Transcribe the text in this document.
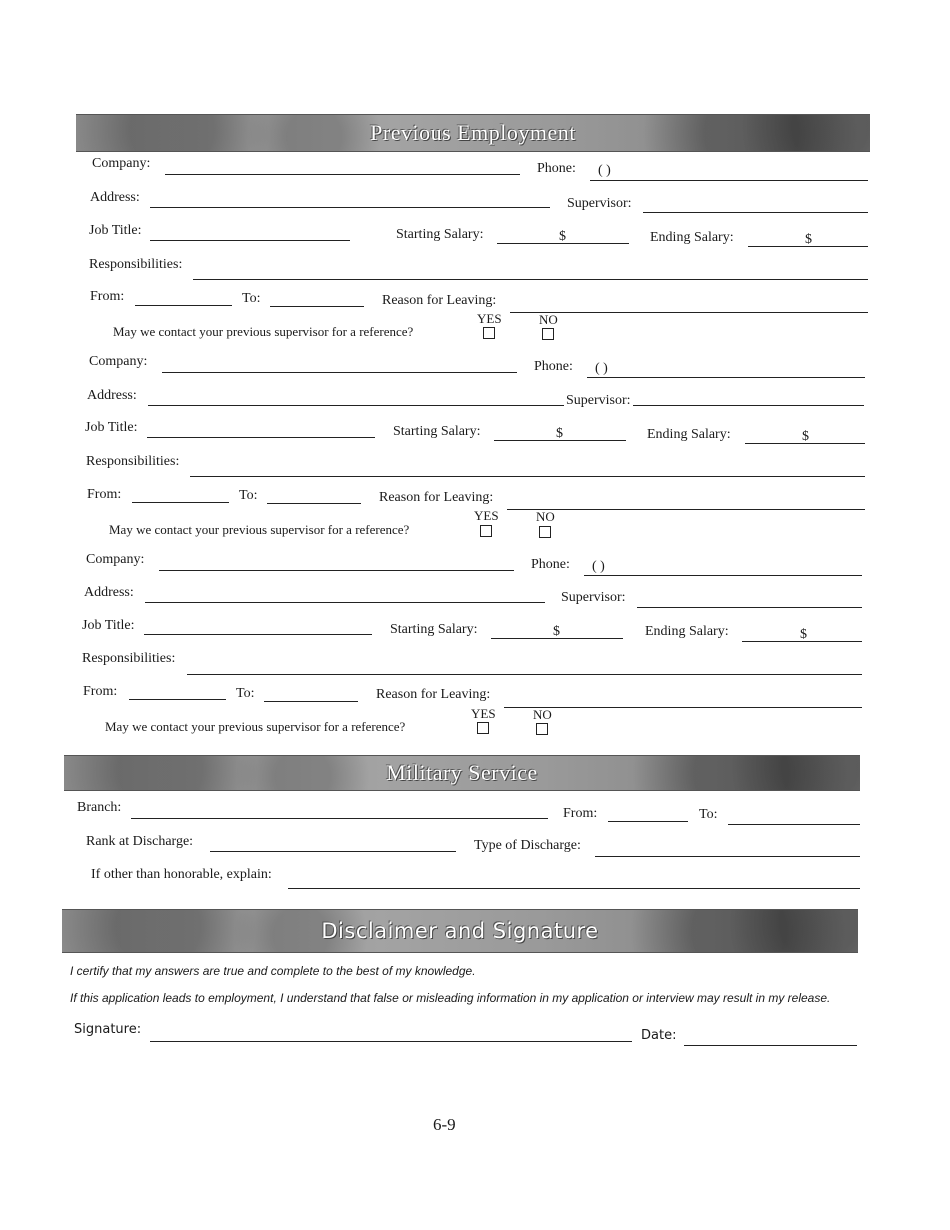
Previous Employment
Company:	Phone: ( )
Address:	Supervisor:
Job Title:	Starting Salary:	$	Ending Salary:	$
Responsibilities:
From:	To:	Reason for Leaving:
YES	NO
May we contact your previous supervisor for a reference?
Company:	Phone: ( )
Address:	Supervisor:
Job Title:	Starting Salary:	$	Ending Salary:	$
Responsibilities:
From:	To:	Reason for Leaving:
YES	NO
May we contact your previous supervisor for a reference?
Company:	Phone: ( )
Address:	Supervisor:
Job Title:	Starting Salary:	$	Ending Salary:	$
Responsibilities:
From:	To:	Reason for Leaving:
YES	NO
May we contact your previous supervisor for a reference?
Military Service
Branch:	From:	To:
Rank at Discharge:	Type of Discharge:
If other than honorable, explain:
Disclaimer and Signature
I certify that my answers are true and complete to the best of my knowledge.
If this application leads to employment, I understand that false or misleading information in my application or interview may result in my release.
Signature:	Date:
6-9
